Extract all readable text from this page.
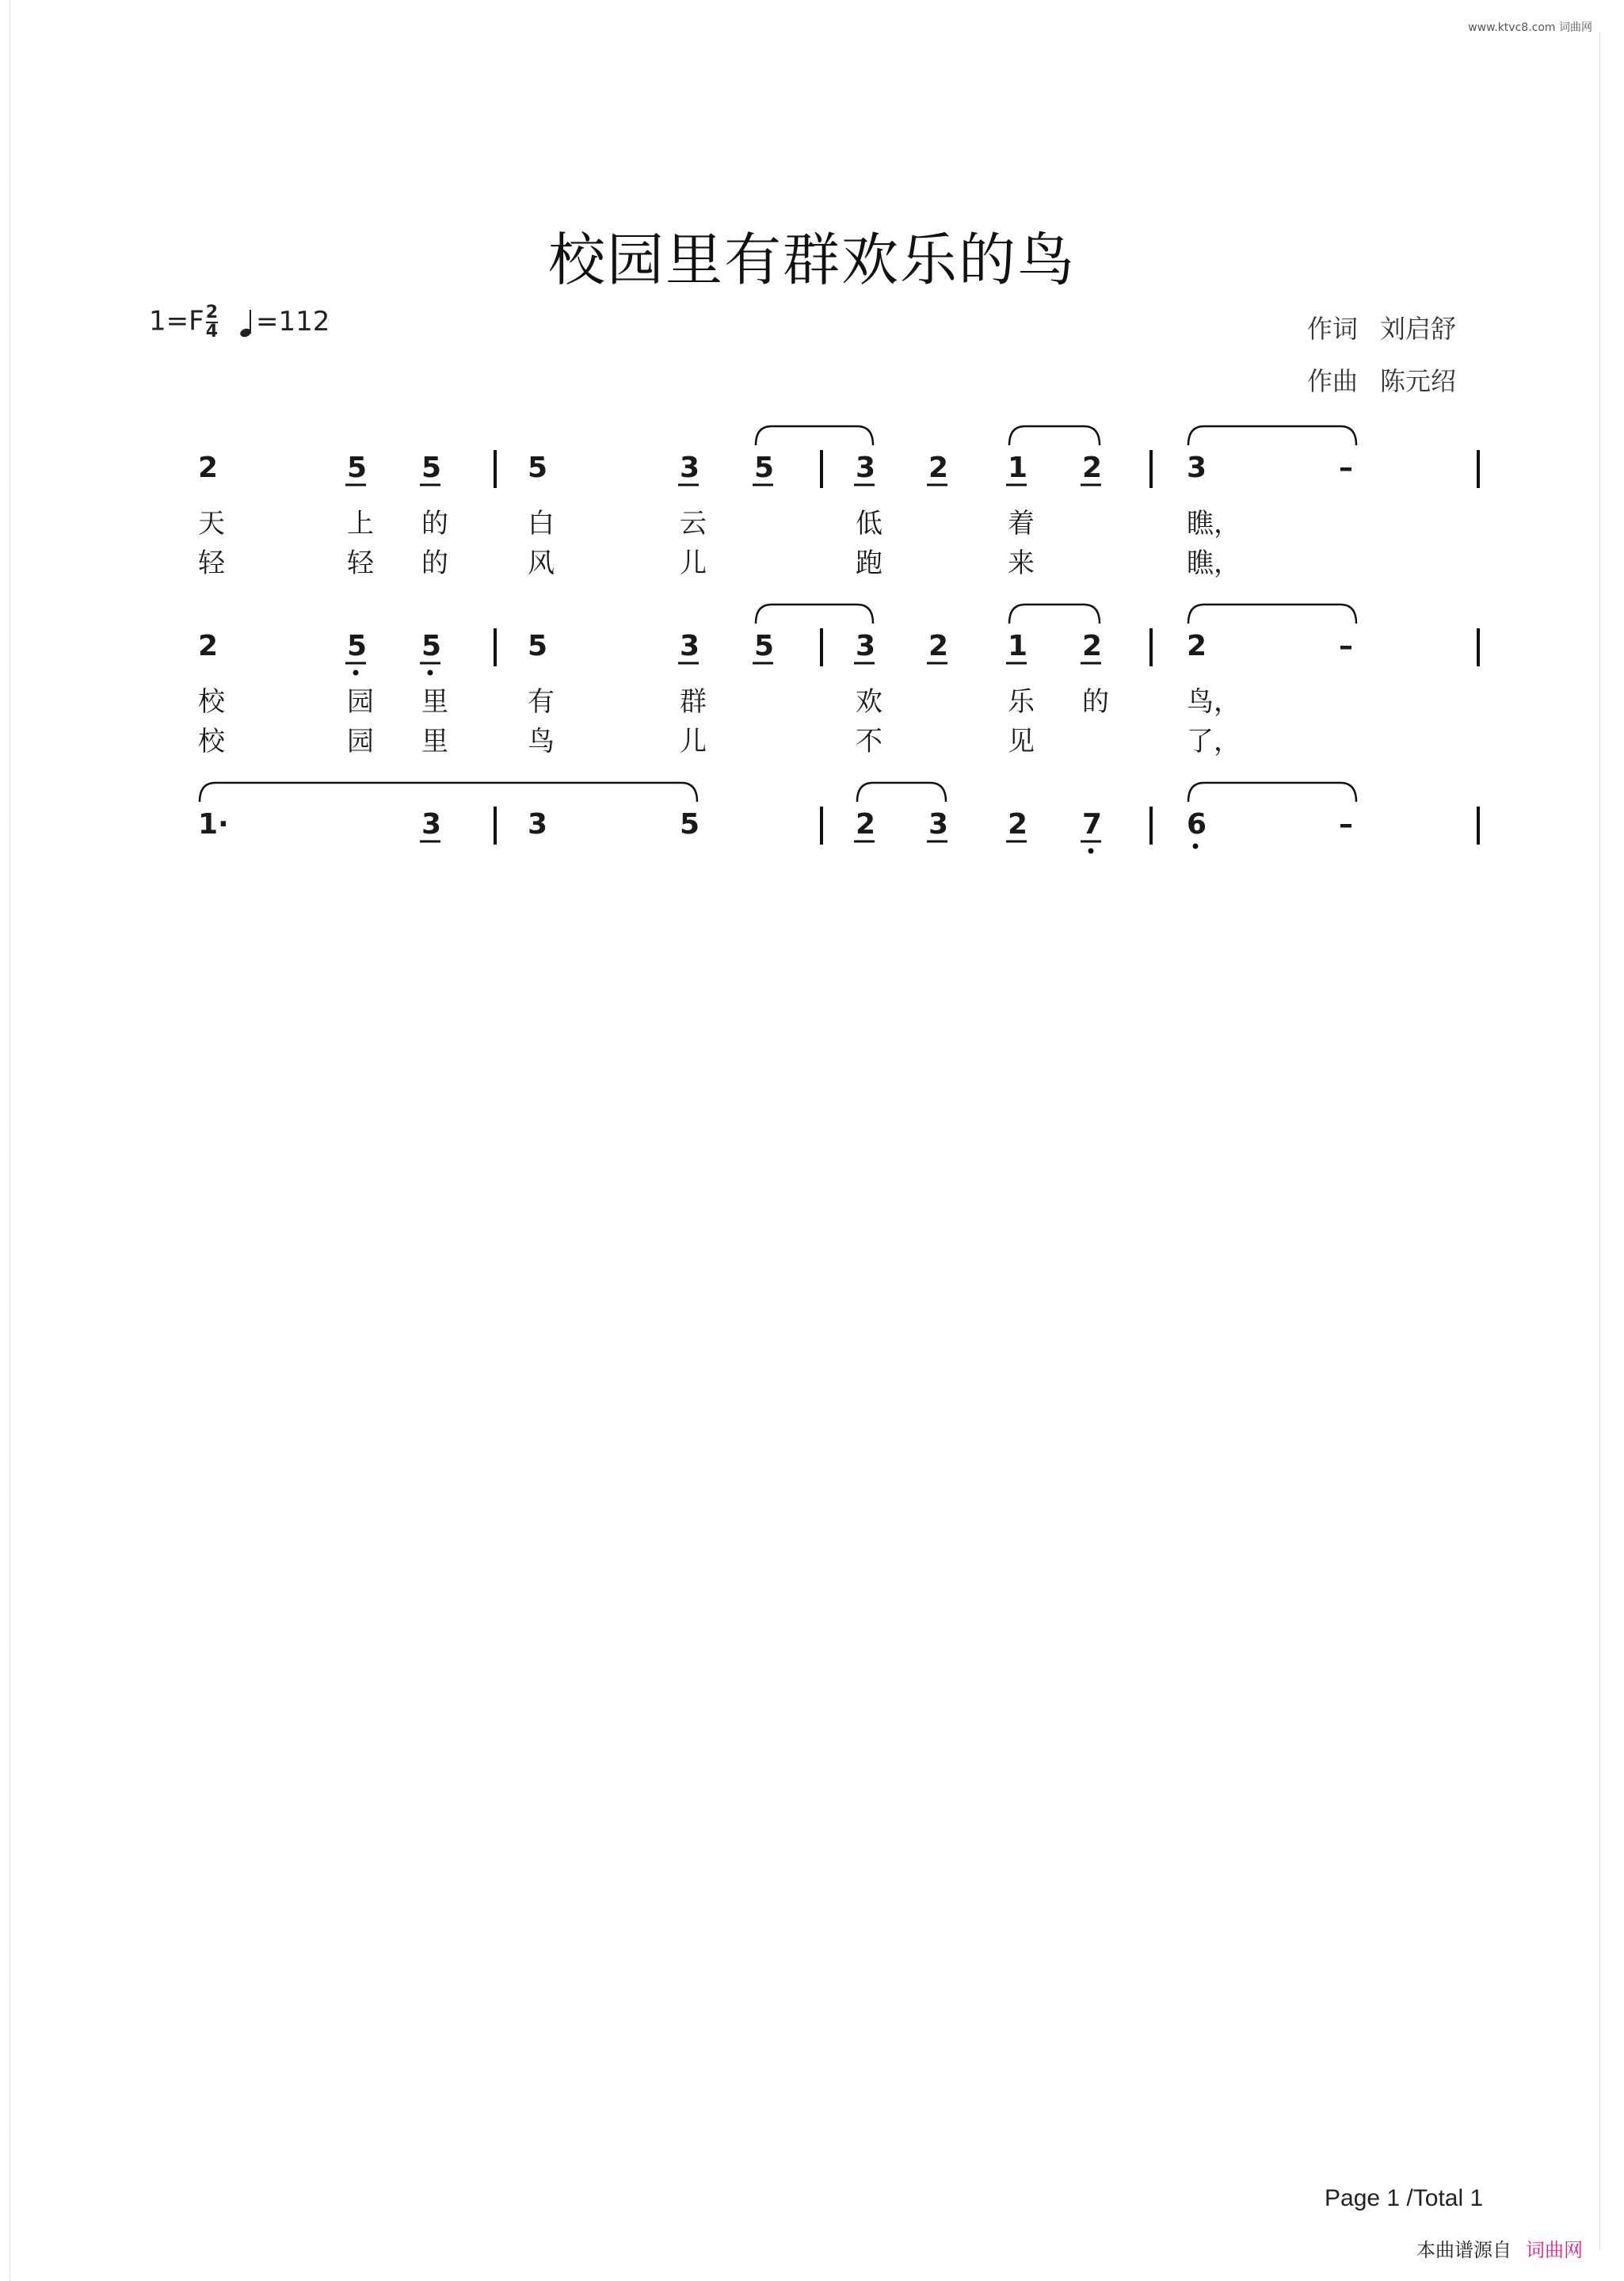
www.ktvc8.com 词曲网
校园里有群欢乐的鸟
$1=F \frac{2}{4} =112$	作词 刘启舒
作曲 陈元绍
2	5 5	5	3 5	3 2 1 2	3	–
天	上 的	白	云	低	着	瞧，
轻	轻 的	风	儿	跑	来	瞧，
2	5 5	5	3 5	3 2 1 2	2	–
校	园 里	有	群	欢	乐 的	鸟，
校	园 里	鸟	儿	不	见	了，
1·	3	3	5	2 3 2 7	6	–
Page 1 /Total 1
本曲谱源自 词曲网
